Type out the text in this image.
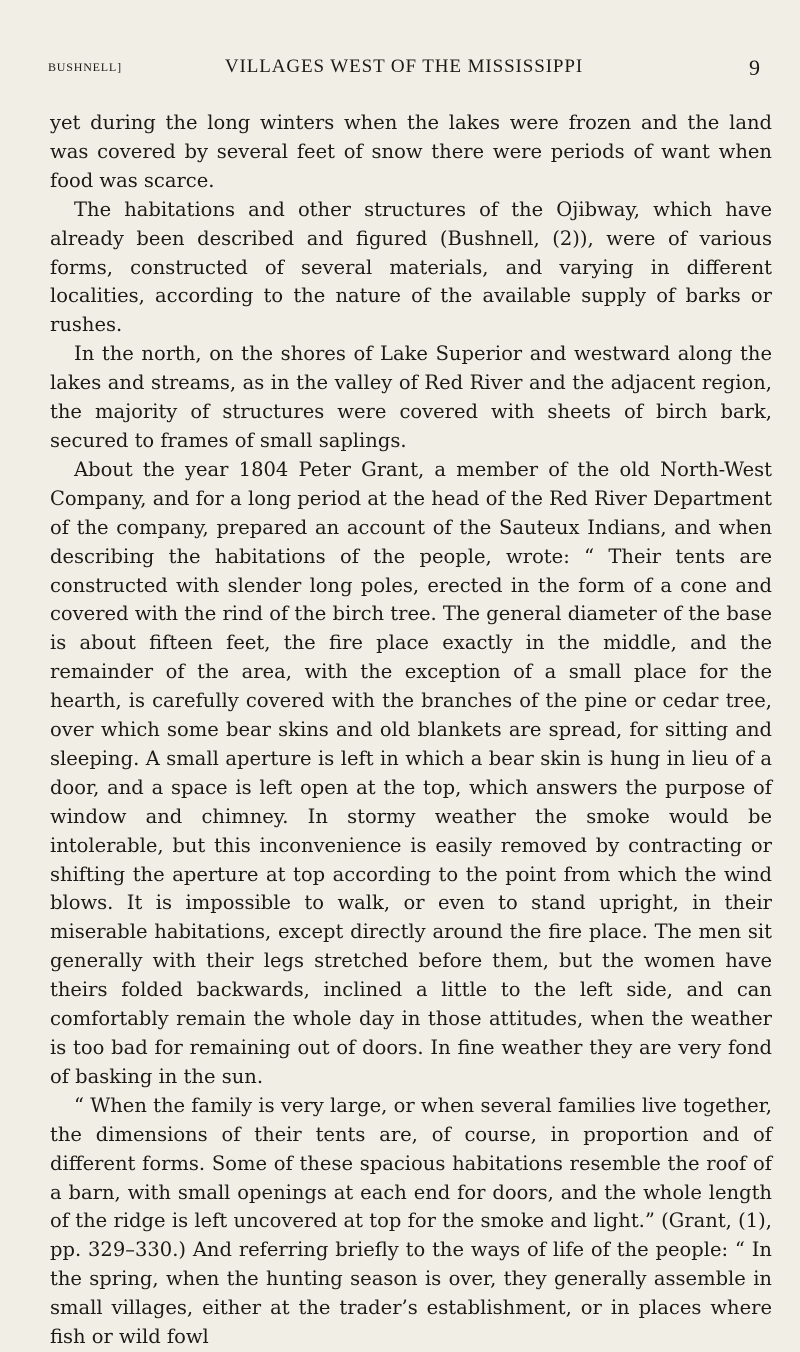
BUSHNELL]	VILLAGES WEST OF THE MISSISSIPPI	9

yet during the long winters when the lakes were frozen and the land was covered by several feet of snow there were periods of want when food was scarce.

The habitations and other structures of the Ojibway, which have already been described and figured (Bushnell, (2)), were of various forms, constructed of several materials, and varying in different localities, according to the nature of the available supply of barks or rushes.

In the north, on the shores of Lake Superior and westward along the lakes and streams, as in the valley of Red River and the adjacent region, the majority of structures were covered with sheets of birch bark, secured to frames of small saplings.

About the year 1804 Peter Grant, a member of the old North-West Company, and for a long period at the head of the Red River Department of the company, prepared an account of the Sauteux Indians, and when describing the habitations of the people, wrote: “ Their tents are constructed with slender long poles, erected in the form of a cone and covered with the rind of the birch tree. The general diameter of the base is about fifteen feet, the fire place exactly in the middle, and the remainder of the area, with the exception of a small place for the hearth, is carefully covered with the branches of the pine or cedar tree, over which some bear skins and old blankets are spread, for sitting and sleeping. A small aperture is left in which a bear skin is hung in lieu of a door, and a space is left open at the top, which answers the purpose of window and chimney. In stormy weather the smoke would be intolerable, but this inconvenience is easily removed by contracting or shifting the aperture at top according to the point from which the wind blows. It is impossible to walk, or even to stand upright, in their miserable habitations, except directly around the fire place. The men sit generally with their legs stretched before them, but the women have theirs folded backwards, inclined a little to the left side, and can comfortably remain the whole day in those attitudes, when the weather is too bad for remaining out of doors. In fine weather they are very fond of basking in the sun.

“ When the family is very large, or when several families live together, the dimensions of their tents are, of course, in proportion and of different forms. Some of these spacious habitations resemble the roof of a barn, with small openings at each end for doors, and the whole length of the ridge is left uncovered at top for the smoke and light.” (Grant, (1), pp. 329–330.) And referring briefly to the ways of life of the people: “ In the spring, when the hunting season is over, they generally assemble in small villages, either at the trader’s establishment, or in places where fish or wild fowl
